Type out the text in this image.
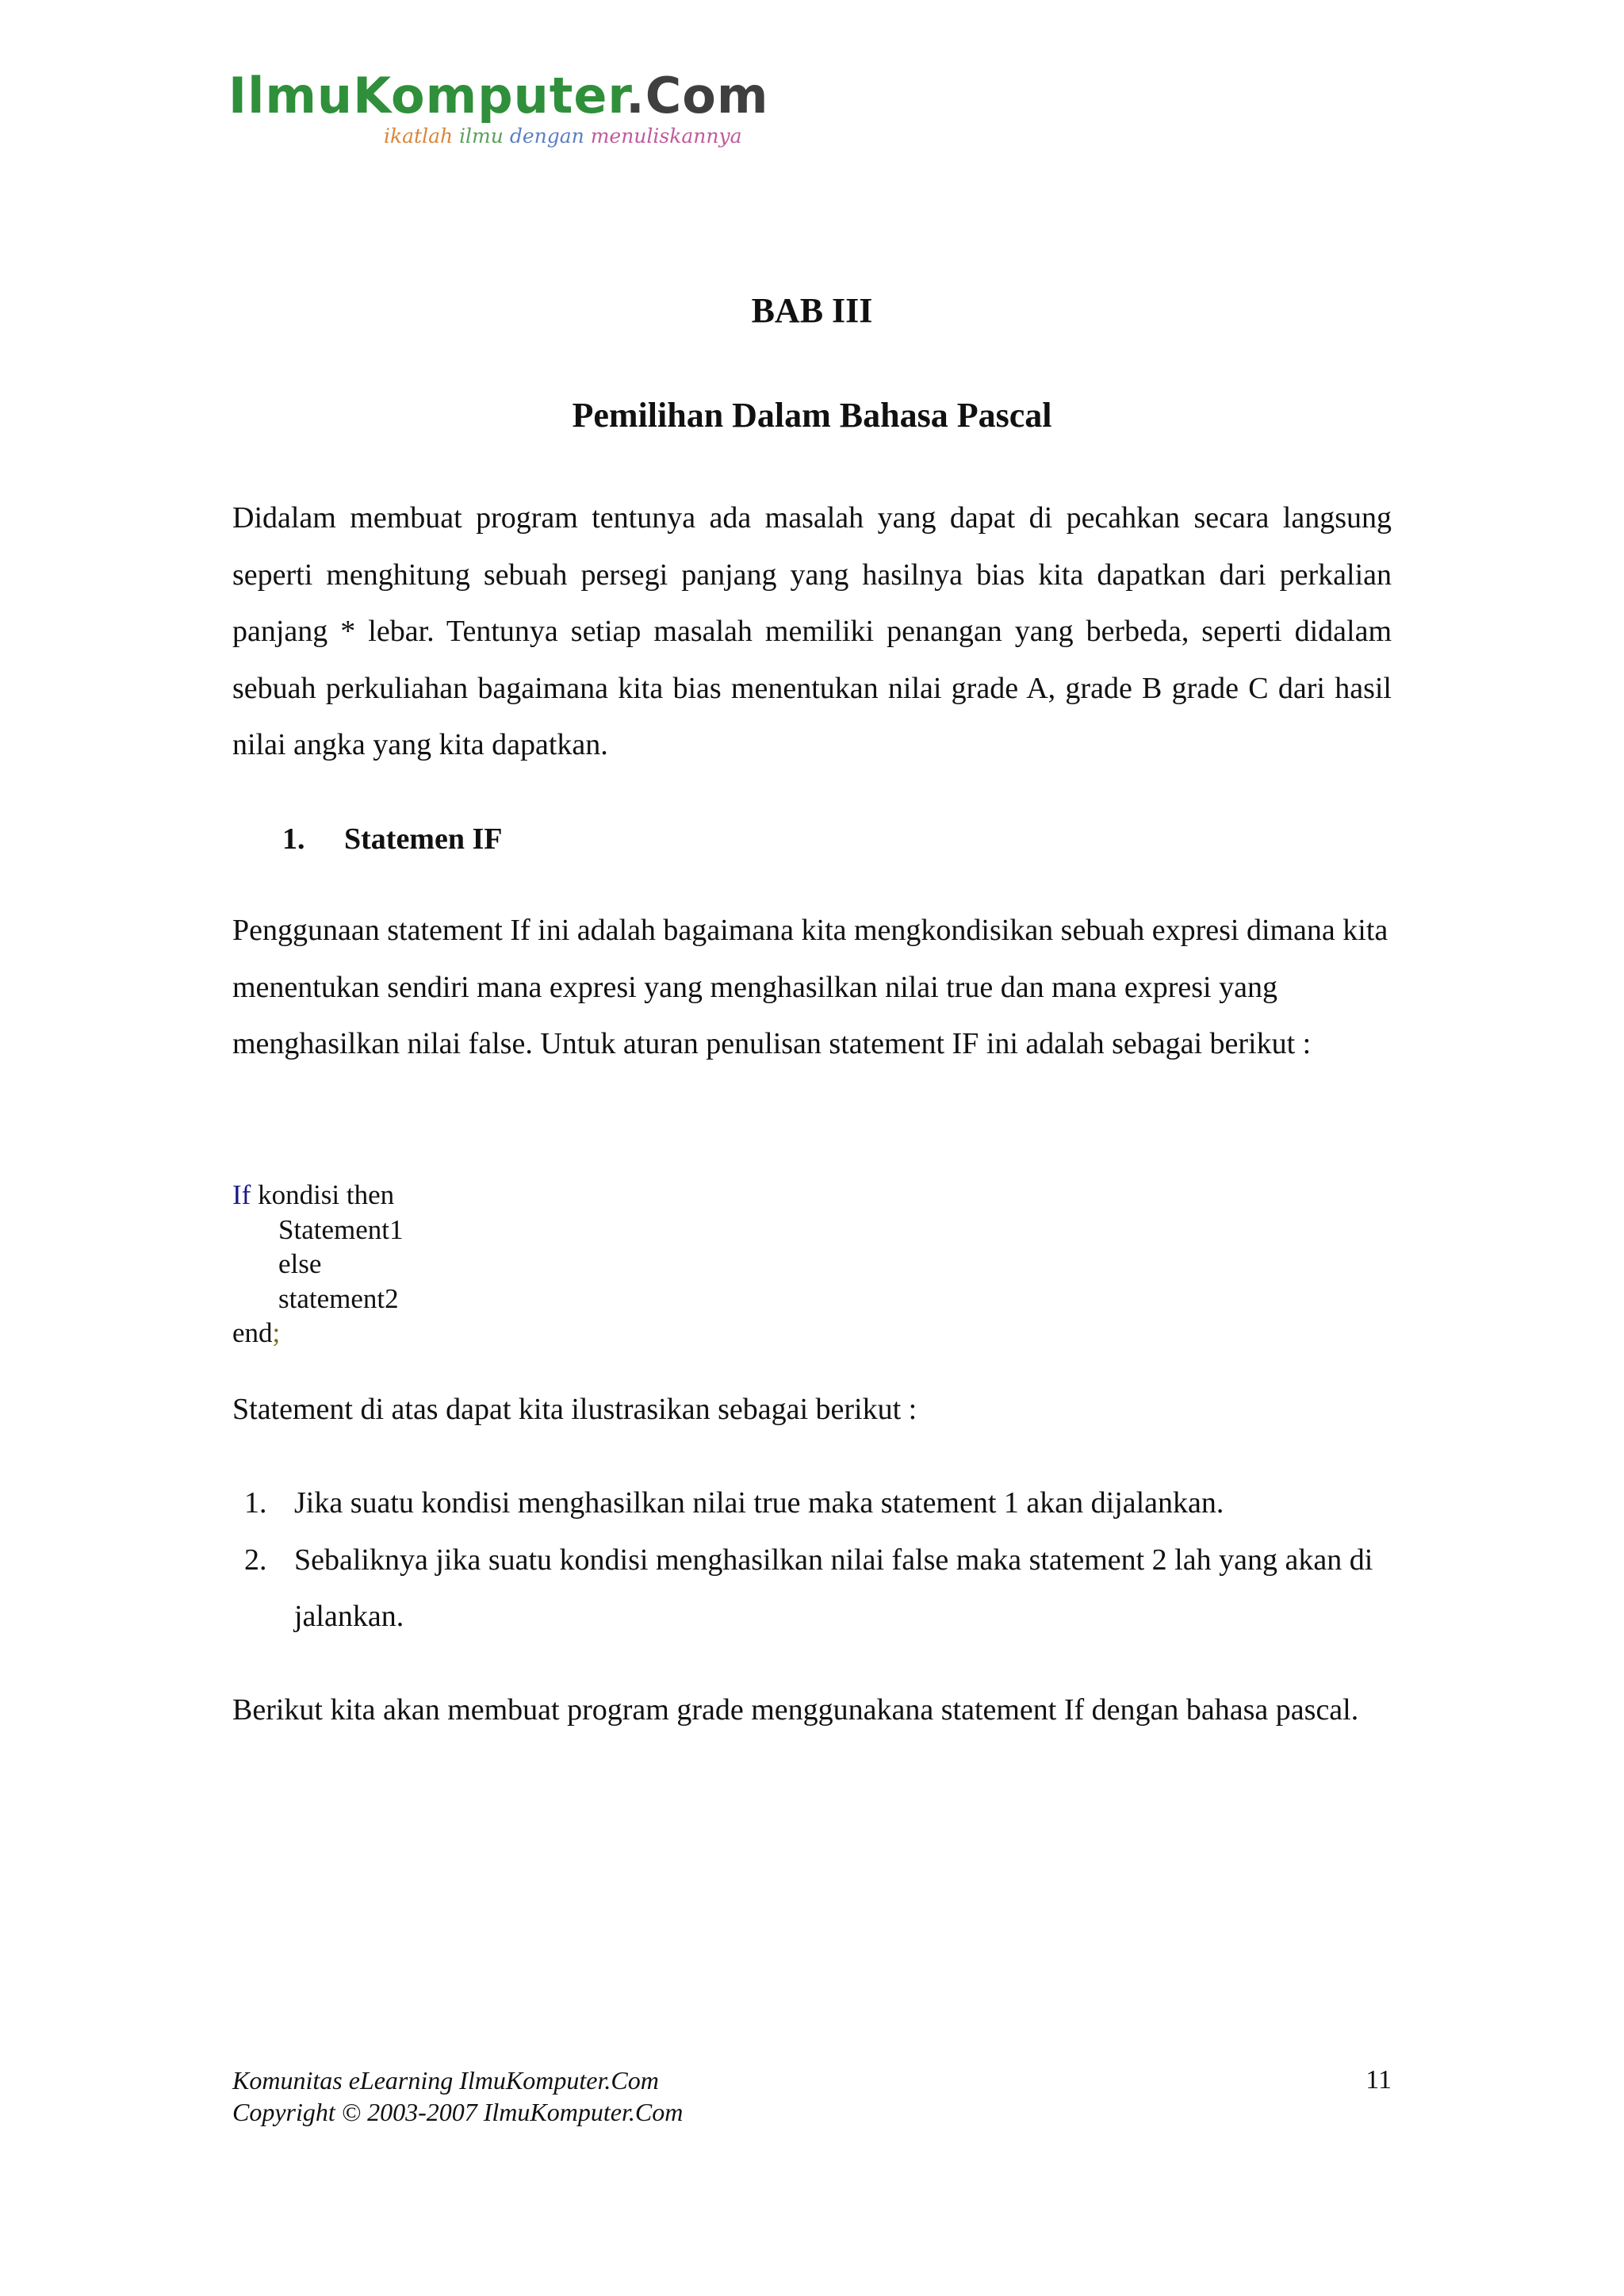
IlmuKomputer.Com
ikatlah ilmu dengan menuliskannya
BAB III
Pemilihan Dalam Bahasa Pascal

Didalam membuat program tentunya ada masalah yang dapat di pecahkan secara langsung seperti menghitung sebuah persegi panjang yang hasilnya bias kita dapatkan dari perkalian panjang * lebar. Tentunya setiap masalah memiliki penangan yang berbeda, seperti didalam sebuah perkuliahan bagaimana kita bias menentukan nilai grade A, grade B grade C dari hasil nilai angka yang kita dapatkan.

1. Statemen IF

Penggunaan statement If ini adalah bagaimana kita mengkondisikan sebuah expresi dimana kita menentukan sendiri mana expresi yang menghasilkan nilai true dan mana expresi yang menghasilkan nilai false. Untuk aturan penulisan statement IF ini adalah sebagai berikut :

If kondisi then
Statement1
else
statement2
end;

Statement di atas dapat kita ilustrasikan sebagai berikut :

1. Jika suatu kondisi menghasilkan nilai true maka statement 1 akan dijalankan.
2. Sebaliknya jika suatu kondisi menghasilkan nilai false maka statement 2 lah yang akan di jalankan.

Berikut kita akan membuat program grade menggunakana statement If dengan bahasa pascal.

Komunitas eLearning IlmuKomputer.Com
Copyright © 2003-2007 IlmuKomputer.Com
11
